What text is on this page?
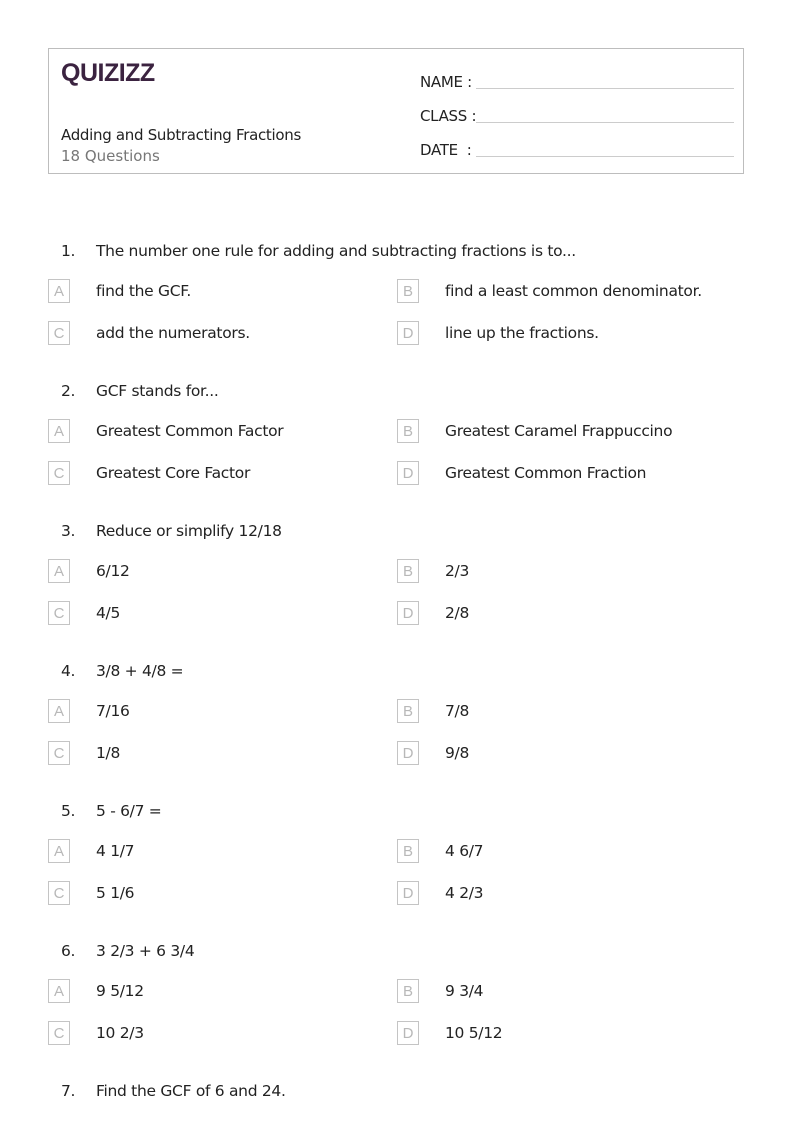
QUIZIZZ
Adding and Subtracting Fractions
18 Questions
NAME :
CLASS :
DATE  :
1. The number one rule for adding and subtracting fractions is to...
A	find the GCF.	B	find a least common denominator.
C	add the numerators.	D	line up the fractions.
2. GCF stands for...
A	Greatest Common Factor	B	Greatest Caramel Frappuccino
C	Greatest Core Factor	D	Greatest Common Fraction
3. Reduce or simplify 12/18
A	6/12	B	2/3
C	4/5	D	2/8
4. 3/8 + 4/8 =
A	7/16	B	7/8
C	1/8	D	9/8
5. 5 - 6/7 =
A	4 1/7	B	4 6/7
C	5 1/6	D	4 2/3
6. 3 2/3 + 6 3/4
A	9 5/12	B	9 3/4
C	10 2/3	D	10 5/12
7. Find the GCF of 6 and 24.
